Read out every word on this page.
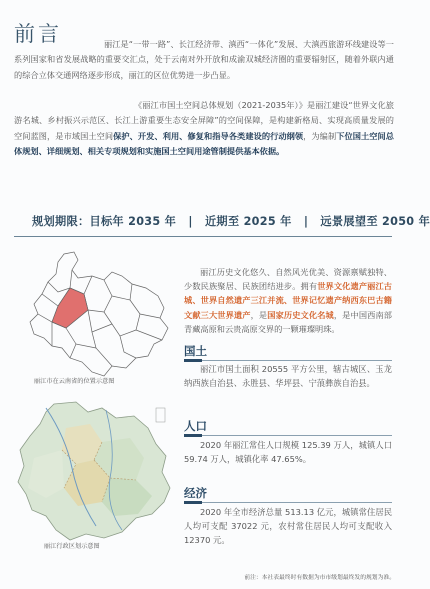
前言	丽江是“一带一路”、长江经济带、滇西“一体化”发展、大滇西旅游环线建设等一系列国家和省发展战略的重要交汇点，处于云南对外开放和成渝双城经济圈的重要辐射区，随着外联内通的综合立体交通网络逐步形成，丽江的区位优势进一步凸显。
《丽江市国土空间总体规划（2021-2035年）》是丽江建设“世界文化旅游名城、乡村振兴示范区、长江上游重要生态安全屏障”的空间保障，是构建新格局、实现高质量发展的空间蓝图，是市域国土空间保护、开发、利用、修复和指导各类建设的行动纲领，为编制下位国土空间总体规划、详细规划、相关专项规划和实施国土空间用途管制提供基本依据。
规划期限：目标年 2035 年 | 近期至 2025 年 | 远景展望至 2050 年
丽江市在云南省的位置示意图
丽江行政区划示意图
丽江历史文化悠久、自然风光优美、资源禀赋独特、少数民族聚居、民族团结进步。拥有世界文化遗产丽江古城、世界自然遗产三江并流、世界记忆遗产纳西东巴古籍文献三大世界遗产，是国家历史文化名城，是中国西南部青藏高原和云贵高原交界的一颗璀璨明珠。
国土
丽江市国土面积 20555 平方公里，辖古城区、玉龙纳西族自治县、永胜县、华坪县、宁蒗彝族自治县。
人口
2020 年丽江常住人口规模 125.39 万人，城镇人口 59.74 万人，城镇化率 47.65%。
经济
2020 年全市经济总量 513.13 亿元，城镇常住居民人均可支配 37022 元，农村常住居民人均可支配收入 12370 元。
前注：本社表最终时有数据为市市级划最终发的规划为准。
